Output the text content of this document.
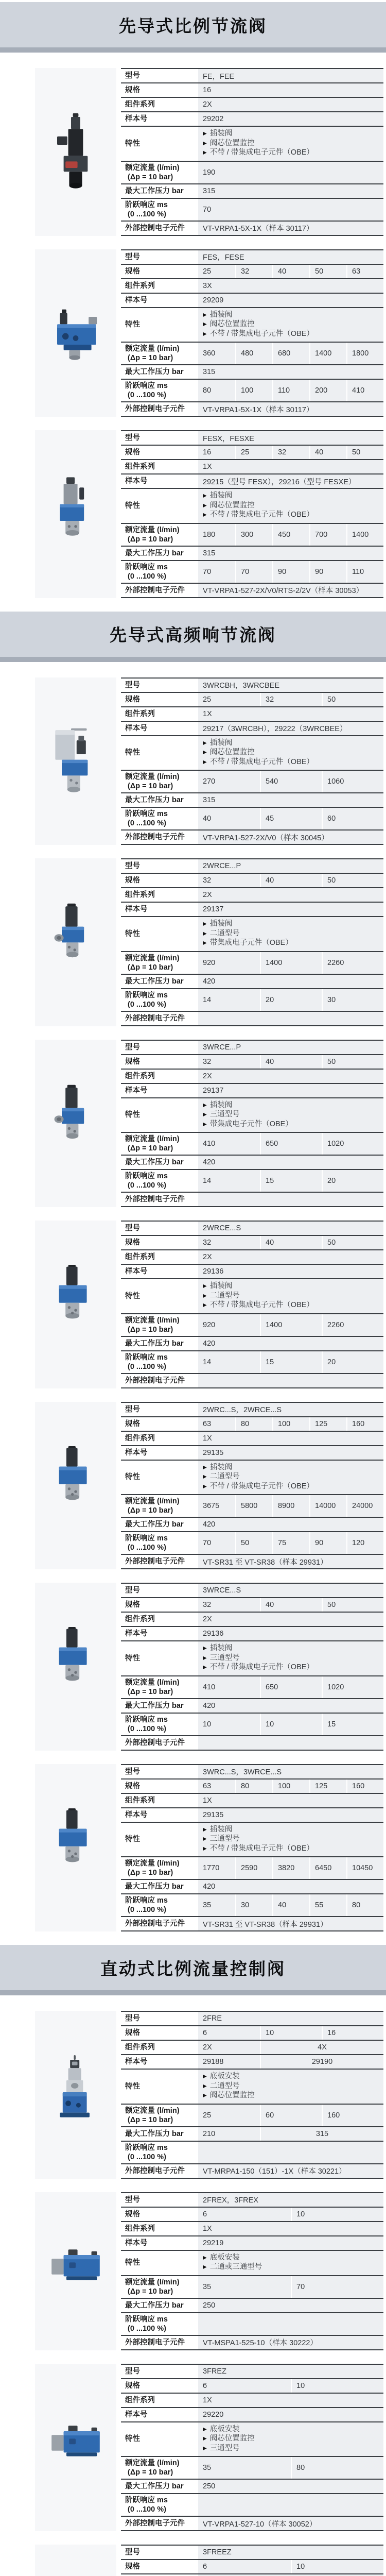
先导式比例节流阀
型号	FE，FEE
规格	16
组件系列	2X
样本号	29202
特性
▶ 插装阀
▶ 阀芯位置监控
▶ 不带 / 带集成电子元件（OBE）
额定流量 (l/min)
(Δp = 10 bar)
190
最大工作压力 bar	315
阶跃响应 ms
(0 ...100 %)
70
外部控制电子元件	VT-VRPA1-5X-1X（样本 30117）
型号	FES，FESE
规格	25	32	40	50	63
组件系列	3X
样本号	29209
特性
▶ 插装阀
▶ 阀芯位置监控
▶ 不带 / 带集成电子元件（OBE）
额定流量 (l/min)
(Δp = 10 bar)
360	480	680	1400	1800
最大工作压力 bar	315
阶跃响应 ms
(0 ...100 %)
80	100	110	200	410
外部控制电子元件	VT-VRPA1-5X-1X（样本 30117）
型号	FESX，FESXE
规格	16	25	32	40	50
组件系列	1X
样本号	29215（型号 FESX），29216（型号 FESXE）
特性
▶ 插装阀
▶ 阀芯位置监控
▶ 不带 / 带集成电子元件（OBE）
额定流量 (l/min)
(Δp = 10 bar)
180	300	450	700	1400
最大工作压力 bar	315
阶跃响应 ms
(0 ...100 %)
70	70	90	90	110
外部控制电子元件	VT-VRPA1-527-2X/V0/RTS-2/2V（样本 30053）
先导式高频响节流阀
型号	3WRCBH，3WRCBEE
规格	25	32	50
组件系列	1X
样本号	29217（3WRCBH），29222（3WRCBEE）
特性
▶ 插装阀
▶ 阀芯位置监控
▶ 不带 / 带集成电子元件（OBE）
额定流量 (l/min)
(Δp = 10 bar)
270	540	1060
最大工作压力 bar	315
阶跃响应 ms
(0 ...100 %)
40	45	60
外部控制电子元件	VT-VRPA1-527-2X/V0（样本 30045）
型号	2WRCE...P
规格	32	40	50
组件系列	2X
样本号	29137
特性
▶ 插装阀
▶ 二通型号
▶ 带集成电子元件（OBE）
额定流量 (l/min)
(Δp = 10 bar)
920	1400	2260
最大工作压力 bar	420
阶跃响应 ms
(0 ...100 %)
14	20	30
外部控制电子元件
型号	3WRCE...P
规格	32	40	50
组件系列	2X
样本号	29137
特性
▶ 插装阀
▶ 三通型号
▶ 带集成电子元件（OBE）
额定流量 (l/min)
(Δp = 10 bar)
410	650	1020
最大工作压力 bar	420
阶跃响应 ms
(0 ...100 %)
14	15	20
外部控制电子元件
型号	2WRCE...S
规格	32	40	50
组件系列	2X
样本号	29136
特性
▶ 插装阀
▶ 二通型号
▶ 不带 / 带集成电子元件（OBE）
额定流量 (l/min)
(Δp = 10 bar)
920	1400	2260
最大工作压力 bar	420
阶跃响应 ms
(0 ...100 %)
14	15	20
外部控制电子元件
型号	2WRC...S，2WRCE...S
规格	63	80	100	125	160
组件系列	1X
样本号	29135
特性
▶ 插装阀
▶ 二通型号
▶ 不带 / 带集成电子元件（OBE）
额定流量 (l/min)
(Δp = 10 bar)
3675	5800	8900	14000	24000
最大工作压力 bar	420
阶跃响应 ms
(0 ...100 %)
70	50	75	90	120
外部控制电子元件	VT-SR31 至 VT-SR38（样本 29931）
型号	3WRCE...S
规格	32	40	50
组件系列	2X
样本号	29136
特性
▶ 插装阀
▶ 三通型号
▶ 不带 / 带集成电子元件（OBE）
额定流量 (l/min)
(Δp = 10 bar)
410	650	1020
最大工作压力 bar	420
阶跃响应 ms
(0 ...100 %)
10	10	15
外部控制电子元件
型号	3WRC...S，3WRCE...S
规格	63	80	100	125	160
组件系列	1X
样本号	29135
特性
▶ 插装阀
▶ 三通型号
▶ 不带 / 带集成电子元件（OBE）
额定流量 (l/min)
(Δp = 10 bar)
1770	2590	3820	6450	10450
最大工作压力 bar	420
阶跃响应 ms
(0 ...100 %)
35	30	40	55	80
外部控制电子元件	VT-SR31 至 VT-SR38（样本 29931）
直动式比例流量控制阀
型号	2FRE
规格	6	10	16
组件系列	2X	4X
样本号	29188	29190
特性
▶ 底板安装
▶ 二通型号
▶ 阀芯位置监控
额定流量 (l/min)
(Δp = 10 bar)
25	60	160
最大工作压力 bar	210	315
阶跃响应 ms
(0 ...100 %)
外部控制电子元件	VT-MRPA1-150（151）-1X（样本 30221）
型号	2FREX，3FREX
规格	6	10
组件系列	1X
样本号	29219
特性
▶ 底板安装
▶ 二通或三通型号
额定流量 (l/min)
(Δp = 10 bar)
35	70
最大工作压力 bar	250
阶跃响应 ms
(0 ...100 %)
外部控制电子元件	VT-MSPA1-525-10（样本 30222）
型号	3FREZ
规格	6	10
组件系列	1X
样本号	29220
特性
▶ 底板安装
▶ 阀芯位置监控
▶ 三通型号
额定流量 (l/min)
(Δp = 10 bar)
35	80
最大工作压力 bar	250
阶跃响应 ms
(0 ...100 %)
外部控制电子元件	VT-VRPA1-527-10（样本 30052）
型号	3FREEZ
规格	6	10
